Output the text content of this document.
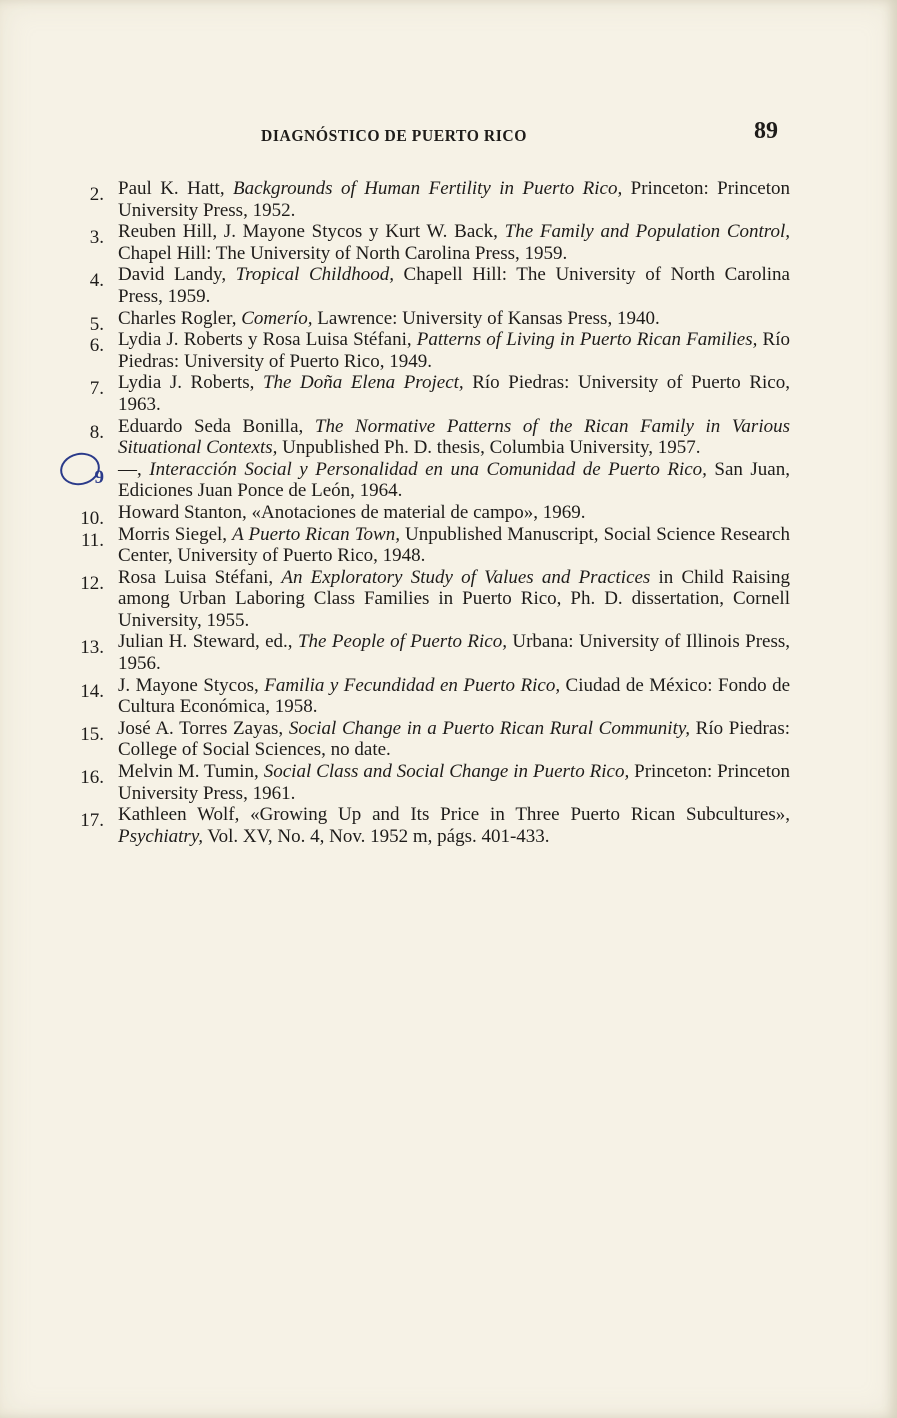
DIAGNÓSTICO DE PUERTO RICO	89
2. Paul K. Hatt, Backgrounds of Human Fertility in Puerto Rico, Princeton: Princeton University Press, 1952.
3. Reuben Hill, J. Mayone Stycos y Kurt W. Back, The Family and Population Control, Chapel Hill: The University of North Carolina Press, 1959.
4. David Landy, Tropical Childhood, Chapell Hill: The University of North Carolina Press, 1959.
5. Charles Rogler, Comerío, Lawrence: University of Kansas Press, 1940.
6. Lydia J. Roberts y Rosa Luisa Stéfani, Patterns of Living in Puerto Rican Families, Río Piedras: University of Puerto Rico, 1949.
7. Lydia J. Roberts, The Doña Elena Project, Río Piedras: University of Puerto Rico, 1963.
8. Eduardo Seda Bonilla, The Normative Patterns of the Rican Family in Various Situational Contexts, Unpublished Ph. D. thesis, Columbia University, 1957.
9 —, Interacción Social y Personalidad en una Comunidad de Puerto Rico, San Juan, Ediciones Juan Ponce de León, 1964.
10. Howard Stanton, «Anotaciones de material de campo», 1969.
11. Morris Siegel, A Puerto Rican Town, Unpublished Manuscript, Social Science Research Center, University of Puerto Rico, 1948.
12. Rosa Luisa Stéfani, An Exploratory Study of Values and Practices in Child Raising among Urban Laboring Class Families in Puerto Rico, Ph. D. dissertation, Cornell University, 1955.
13. Julian H. Steward, ed., The People of Puerto Rico, Urbana: University of Illinois Press, 1956.
14. J. Mayone Stycos, Familia y Fecundidad en Puerto Rico, Ciudad de México: Fondo de Cultura Económica, 1958.
15. José A. Torres Zayas, Social Change in a Puerto Rican Rural Community, Río Piedras: College of Social Sciences, no date.
16. Melvin M. Tumin, Social Class and Social Change in Puerto Rico, Princeton: Princeton University Press, 1961.
17. Kathleen Wolf, «Growing Up and Its Price in Three Puerto Rican Subcultures», Psychiatry, Vol. XV, No. 4, Nov. 1952 m, págs. 401-433.
